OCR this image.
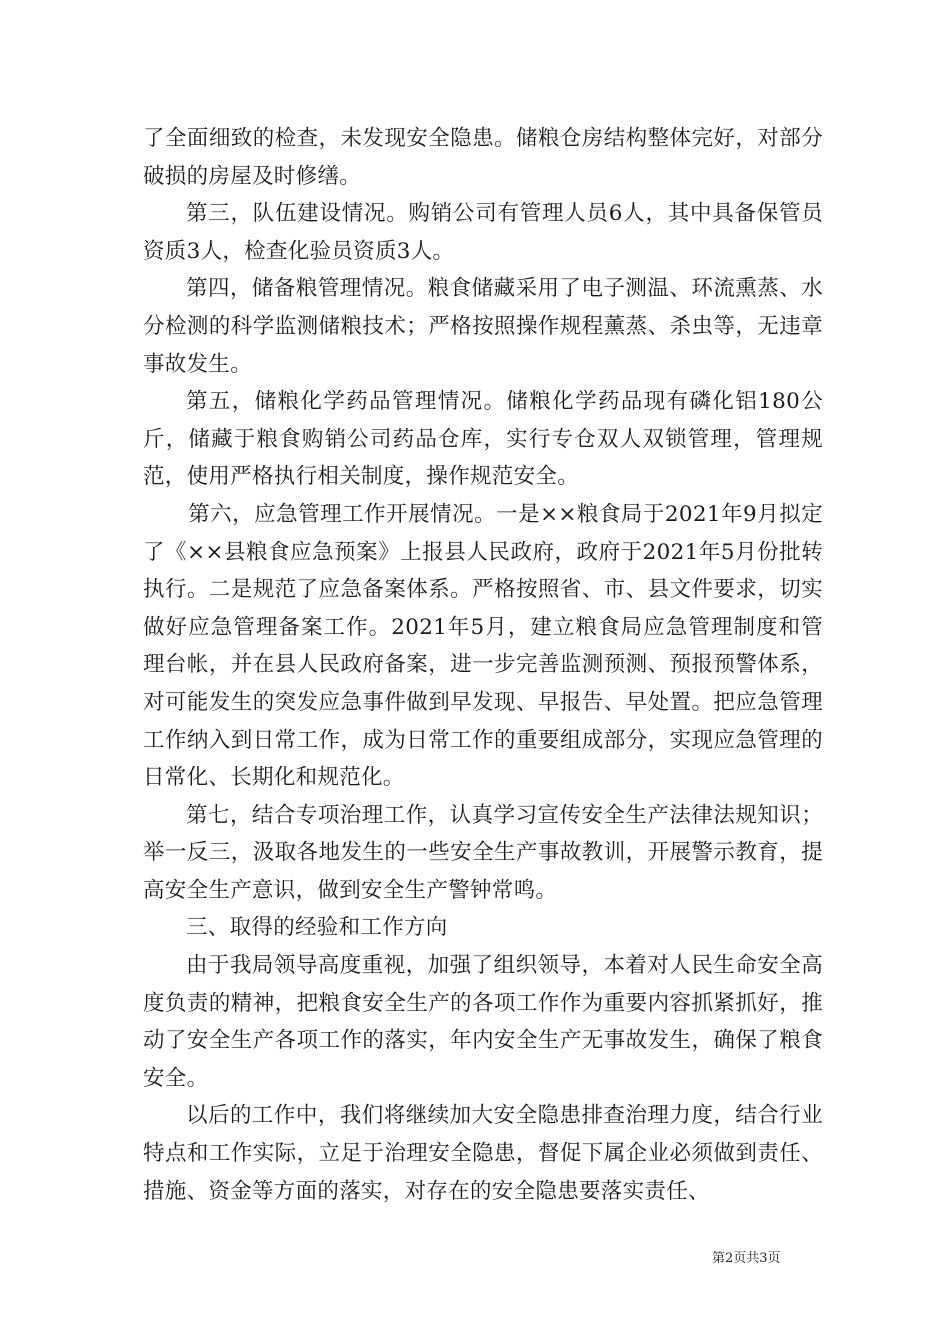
了全面细致的检查，未发现安全隐患。储粮仓房结构整体完好，对部分破损的房屋及时修缮。

第三，队伍建设情况。购销公司有管理人员6人，其中具备保管员资质3人，检查化验员资质3人。

第四，储备粮管理情况。粮食储藏采用了电子测温、环流熏蒸、水分检测的科学监测储粮技术；严格按照操作规程薰蒸、杀虫等，无违章事故发生。

第五，储粮化学药品管理情况。储粮化学药品现有磷化铝180公斤，储藏于粮食购销公司药品仓库，实行专仓双人双锁管理，管理规范，使用严格执行相关制度，操作规范安全。

第六，应急管理工作开展情况。一是××粮食局于2021年9月拟定了《××县粮食应急预案》上报县人民政府，政府于2021年5月份批转执行。二是规范了应急备案体系。严格按照省、市、县文件要求，切实做好应急管理备案工作。2021年5月，建立粮食局应急管理制度和管理台帐，并在县人民政府备案，进一步完善监测预测、预报预警体系，对可能发生的突发应急事件做到早发现、早报告、早处置。把应急管理工作纳入到日常工作，成为日常工作的重要组成部分，实现应急管理的日常化、长期化和规范化。

第七，结合专项治理工作，认真学习宣传安全生产法律法规知识；举一反三，汲取各地发生的一些安全生产事故教训，开展警示教育，提高安全生产意识，做到安全生产警钟常鸣。

三、取得的经验和工作方向

由于我局领导高度重视，加强了组织领导，本着对人民生命安全高度负责的精神，把粮食安全生产的各项工作作为重要内容抓紧抓好，推动了安全生产各项工作的落实，年内安全生产无事故发生，确保了粮食安全。

以后的工作中，我们将继续加大安全隐患排查治理力度，结合行业特点和工作实际，立足于治理安全隐患，督促下属企业必须做到责任、措施、资金等方面的落实，对存在的安全隐患要落实责任、

第2页共3页
